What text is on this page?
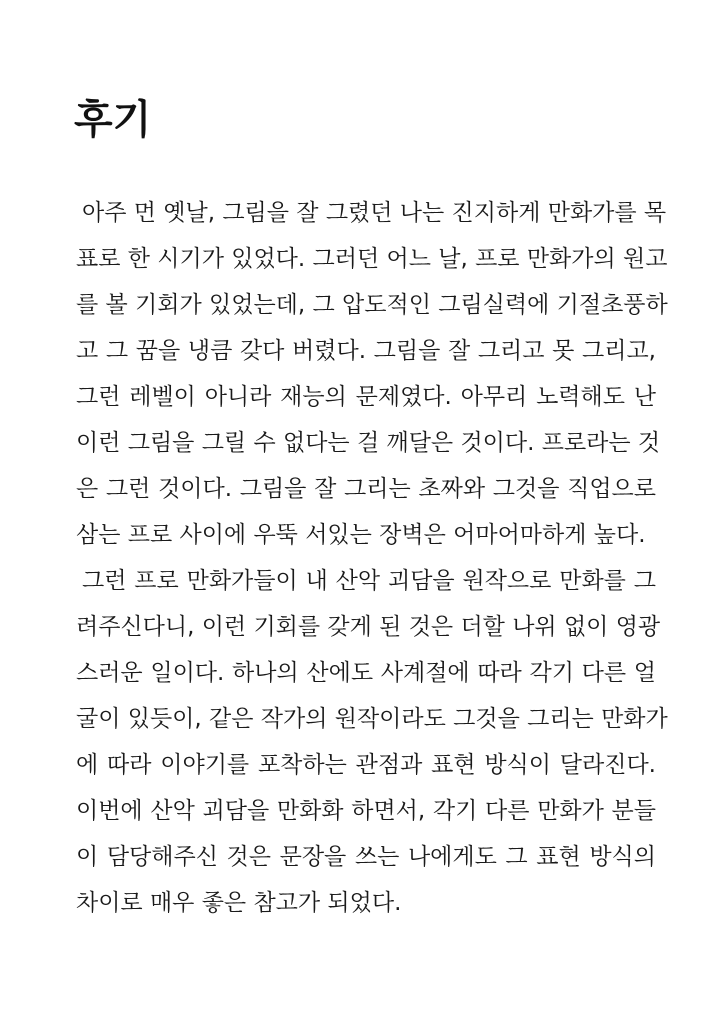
후기
아주 먼 옛날, 그림을 잘 그렸던 나는 진지하게 만화가를 목
표로 한 시기가 있었다. 그러던 어느 날, 프로 만화가의 원고
를 볼 기회가 있었는데, 그 압도적인 그림실력에 기절초풍하
고 그 꿈을 냉큼 갖다 버렸다. 그림을 잘 그리고 못 그리고,
그런 레벨이 아니라 재능의 문제였다. 아무리 노력해도 난
이런 그림을 그릴 수 없다는 걸 깨달은 것이다. 프로라는 것
은 그런 것이다. 그림을 잘 그리는 초짜와 그것을 직업으로
삼는 프로 사이에 우뚝 서있는 장벽은 어마어마하게 높다.
그런 프로 만화가들이 내 산악 괴담을 원작으로 만화를 그
려주신다니, 이런 기회를 갖게 된 것은 더할 나위 없이 영광
스러운 일이다. 하나의 산에도 사계절에 따라 각기 다른 얼
굴이 있듯이, 같은 작가의 원작이라도 그것을 그리는 만화가
에 따라 이야기를 포착하는 관점과 표현 방식이 달라진다.
이번에 산악 괴담을 만화화 하면서, 각기 다른 만화가 분들
이 담당해주신 것은 문장을 쓰는 나에게도 그 표현 방식의
차이로 매우 좋은 참고가 되었다.
